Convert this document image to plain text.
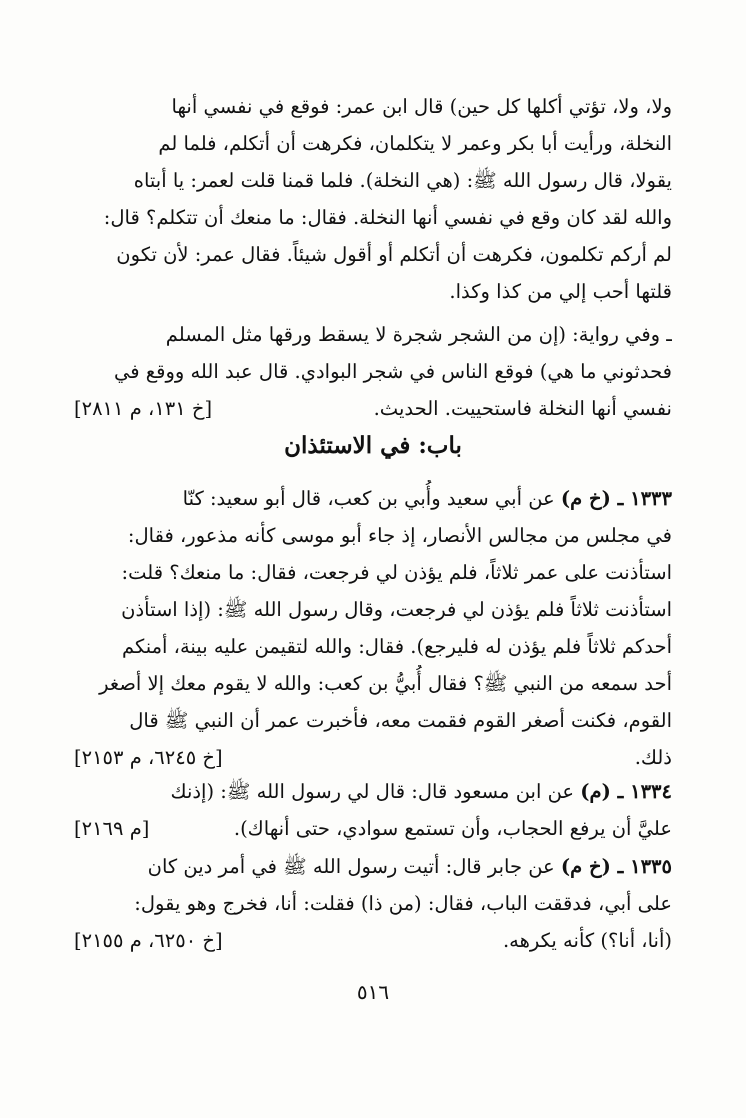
ولا، ولا، تؤتي أكلها كل حين) قال ابن عمر: فوقع في نفسي أنها
النخلة، ورأيت أبا بكر وعمر لا يتكلمان، فكرهت أن أتكلم، فلما لم
يقولا، قال رسول الله ﷺ: (هي النخلة). فلما قمنا قلت لعمر: يا أبتاه
والله لقد كان وقع في نفسي أنها النخلة. فقال: ما منعك أن تتكلم؟ قال:
لم أركم تكلمون، فكرهت أن أتكلم أو أقول شيئاً. فقال عمر: لأن تكون
قلتها أحب إلي من كذا وكذا.

ـ وفي رواية: (إن من الشجر شجرة لا يسقط ورقها مثل المسلم
فحدثوني ما هي) فوقع الناس في شجر البوادي. قال عبد الله ووقع في
نفسي أنها النخلة فاستحييت. الحديث.
[خ ١٣١، م ٢٨١١]

باب: في الاستئذان

١٣٣٣ ـ (خ م) عن أبي سعيد وأُبي بن كعب، قال أبو سعيد: كنّا
في مجلس من مجالس الأنصار، إذ جاء أبو موسى كأنه مذعور، فقال:
استأذنت على عمر ثلاثاً، فلم يؤذن لي فرجعت، فقال: ما منعك؟ قلت:
استأذنت ثلاثاً فلم يؤذن لي فرجعت، وقال رسول الله ﷺ: (إذا استأذن
أحدكم ثلاثاً فلم يؤذن له فليرجع). فقال: والله لتقيمن عليه بينة، أمنكم
أحد سمعه من النبي ﷺ؟ فقال أُبيُّ بن كعب: والله لا يقوم معك إلا أصغر
القوم، فكنت أصغر القوم فقمت معه، فأخبرت عمر أن النبي ﷺ قال
ذلك.
[خ ٦٢٤٥، م ٢١٥٣]

١٣٣٤ ـ (م) عن ابن مسعود قال: قال لي رسول الله ﷺ: (إذنك
عليَّ أن يرفع الحجاب، وأن تستمع سوادي، حتى أنهاك).
[م ٢١٦٩]

١٣٣٥ ـ (خ م) عن جابر قال: أتيت رسول الله ﷺ في أمر دين كان
على أبي، فدققت الباب، فقال: (من ذا) فقلت: أنا، فخرج وهو يقول:
(أنا، أنا؟) كأنه يكرهه.
[خ ٦٢٥٠، م ٢١٥٥]

٥١٦
